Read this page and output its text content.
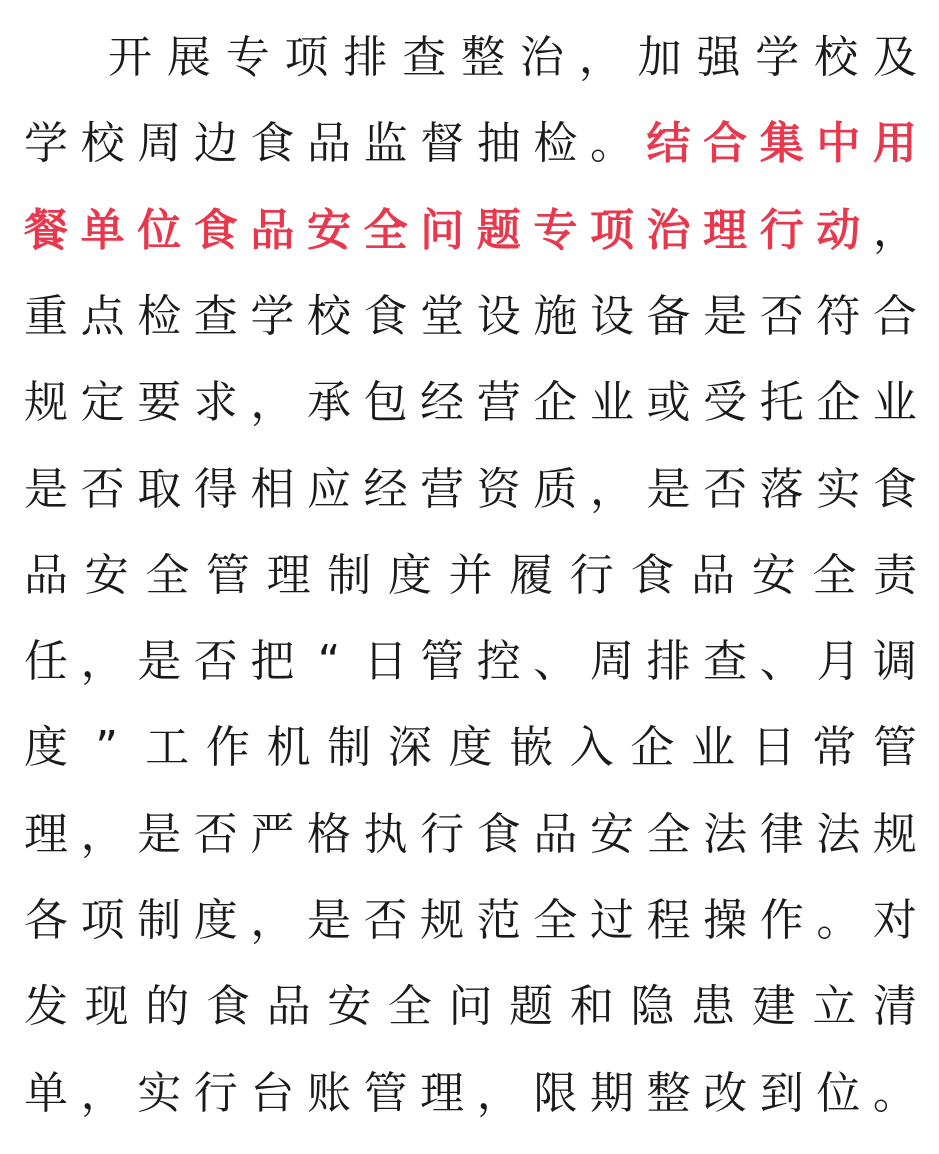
开 展 专 项 排 查 整 治 ， 加 强 学 校 及
学 校 周 边 食 品 监 督 抽 检 。 结 合 集 中 用
餐 单 位 食 品 安 全 问 题 专 项 治 理 行 动 ，
重 点 检 查 学 校 食 堂 设 施 设 备 是 否 符 合
规 定 要 求 ， 承 包 经 营 企 业 或 受 托 企 业
是 否 取 得 相 应 经 营 资 质 ， 是 否 落 实 食
品 安 全 管 理 制 度 并 履 行 食 品 安 全 责
任 ， 是 否 把 “ 日 管 控 、 周 排 查 、 月 调
度 ” 工 作 机 制 深 度 嵌 入 企 业 日 常 管
理 ， 是 否 严 格 执 行 食 品 安 全 法 律 法 规
各 项 制 度 ， 是 否 规 范 全 过 程 操 作 。 对
发 现 的 食 品 安 全 问 题 和 隐 患 建 立 清
单 ， 实 行 台 账 管 理 ， 限 期 整 改 到 位 。
